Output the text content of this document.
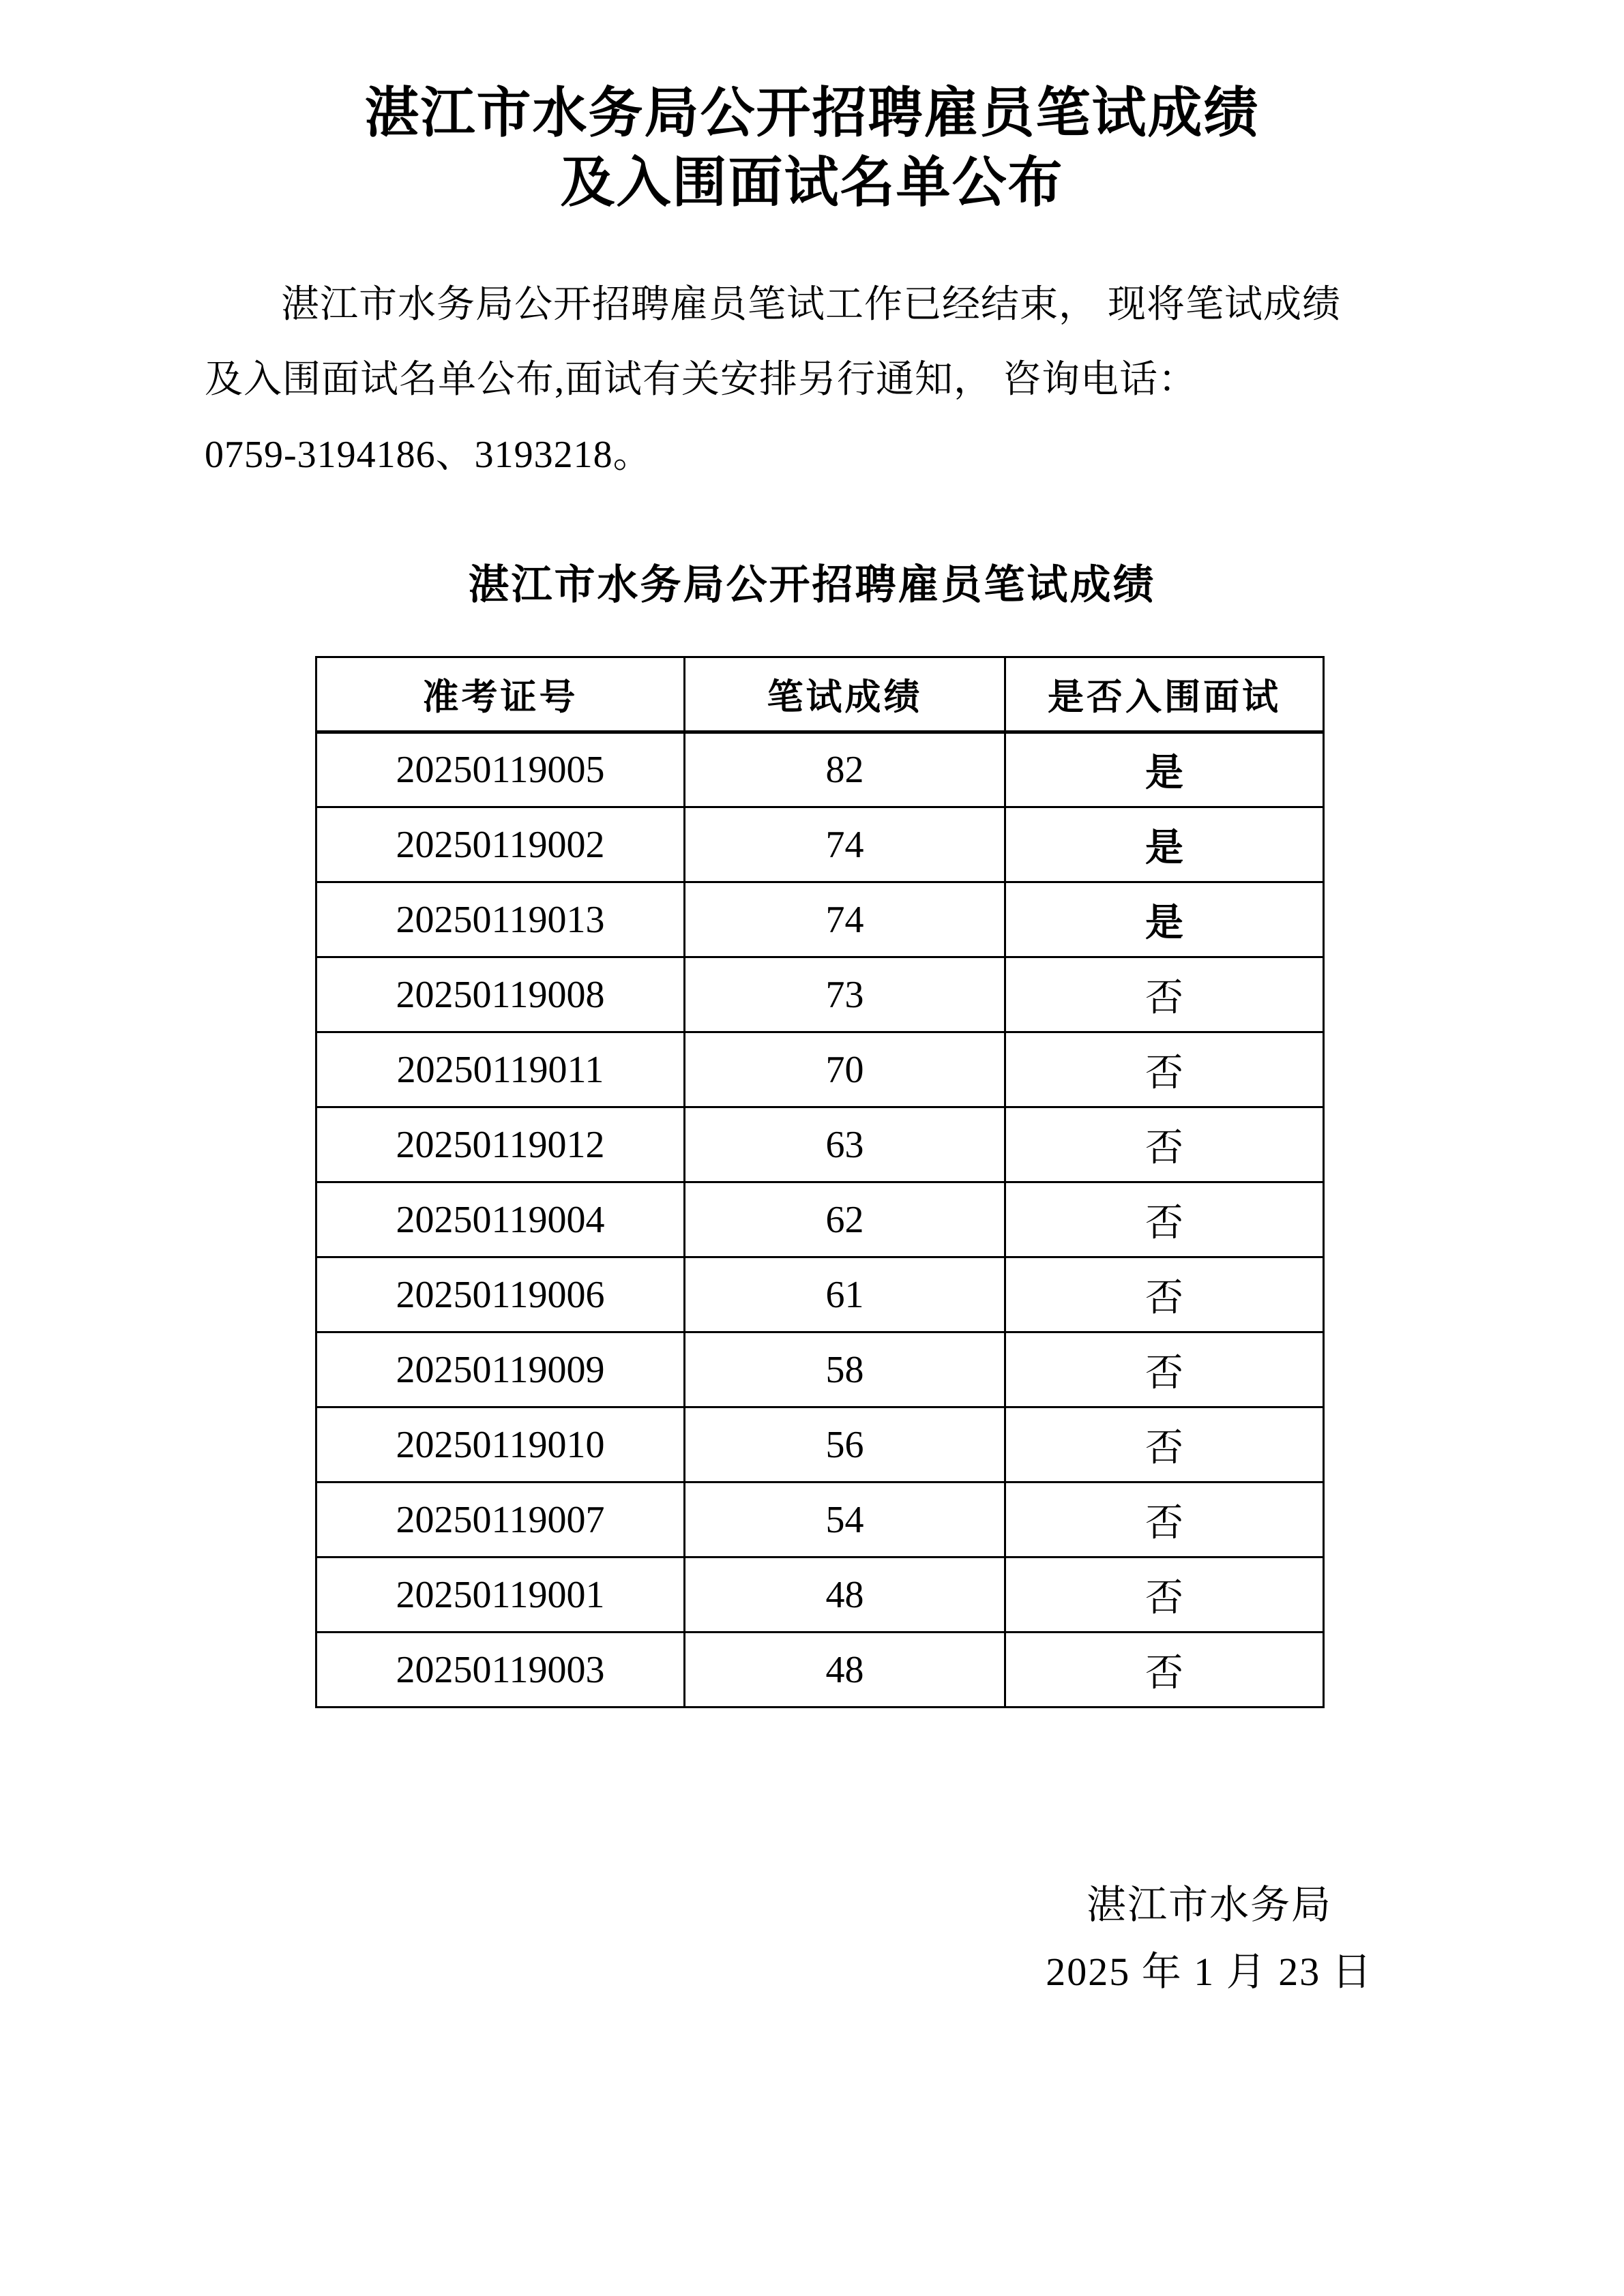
湛江市水务局公开招聘雇员笔试成绩
及入围面试名单公布
湛江市水务局公开招聘雇员笔试工作已经结束， 现将笔试成绩
及入围面试名单公布,面试有关安排另行通知， 咨询电话：
0759-3194186、3193218。
湛江市水务局公开招聘雇员笔试成绩
准考证号	笔试成绩	是否入围面试
20250119005	82	是
20250119002	74	是
20250119013	74	是
20250119008	73	否
20250119011	70	否
20250119012	63	否
20250119004	62	否
20250119006	61	否
20250119009	58	否
20250119010	56	否
20250119007	54	否
20250119001	48	否
20250119003	48	否
湛江市水务局
2025 年 1 月 23 日
